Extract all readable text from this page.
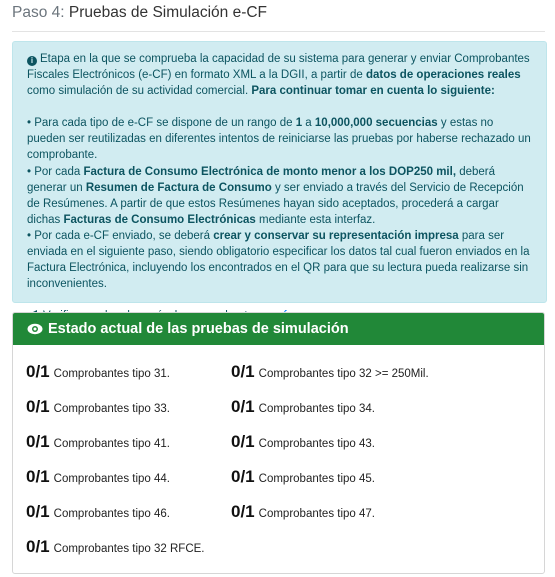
Paso 4: Pruebas de Simulación e-CF

i Etapa en la que se comprueba la capacidad de su sistema para generar y enviar Comprobantes Fiscales Electrónicos (e-CF) en formato XML a la DGII, a partir de datos de operaciones reales como simulación de su actividad comercial. Para continuar tomar en cuenta lo siguiente:

• Para cada tipo de e-CF se dispone de un rango de 1 a 10,000,000 secuencias y estas no pueden ser reutilizadas en diferentes intentos de reiniciarse las pruebas por haberse rechazado un comprobante.

• Por cada Factura de Consumo Electrónica de monto menor a los DOP250 mil, deberá generar un Resumen de Factura de Consumo y ser enviado a través del Servicio de Recepción de Resúmenes. A partir de que estos Resúmenes hayan sido aceptados, procederá a cargar dichas Facturas de Consumo Electrónicas mediante esta interfaz.

• Por cada e-CF enviado, se deberá crear y conservar su representación impresa para ser enviada en el siguiente paso, siendo obligatorio especificar los datos tal cual fueron enviados en la Factura Electrónica, incluyendo los encontrados en el QR para que su lectura pueda realizarse sin inconvenientes.

Estado actual de las pruebas de simulación
0/1 Comprobantes tipo 31.	0/1 Comprobantes tipo 32 >= 250Mil.
0/1 Comprobantes tipo 33.	0/1 Comprobantes tipo 34.
0/1 Comprobantes tipo 41.	0/1 Comprobantes tipo 43.
0/1 Comprobantes tipo 44.	0/1 Comprobantes tipo 45.
0/1 Comprobantes tipo 46.	0/1 Comprobantes tipo 47.
0/1 Comprobantes tipo 32 RFCE.
